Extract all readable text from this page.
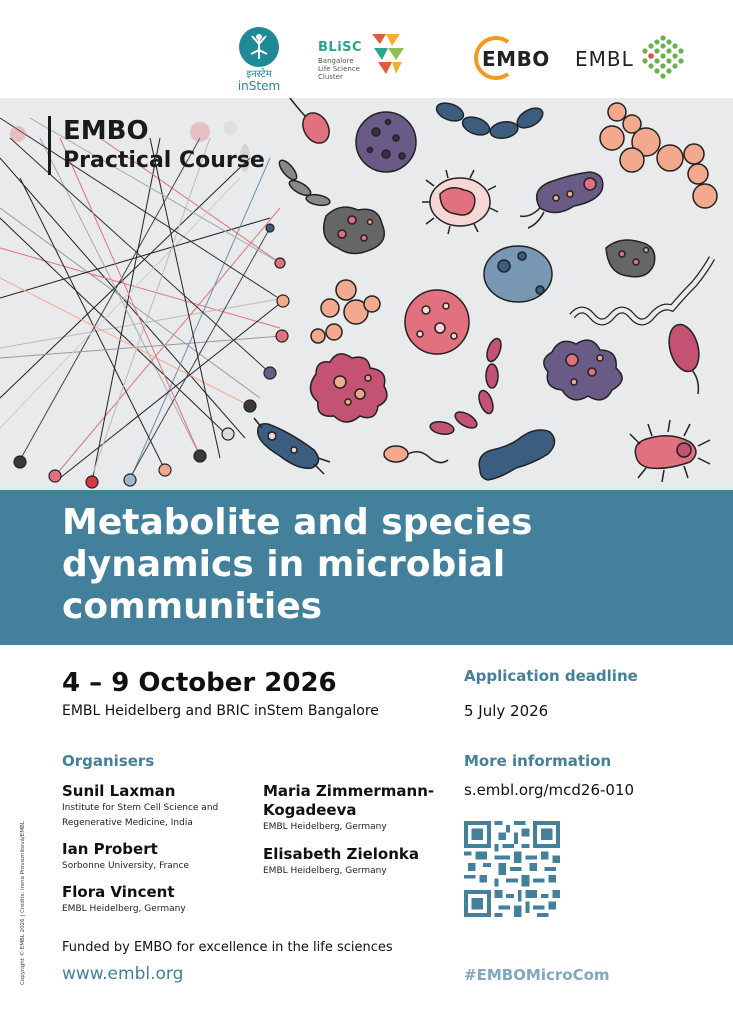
इनस्टेम
inStem
BLiSC
Bangalore
Life Science
Cluster
EMBO EMBL
EMBO
Practical Course
Metabolite and species
dynamics in microbial
communities
4 – 9 October 2026
EMBL Heidelberg and BRIC inStem Bangalore
Application deadline
5 July 2026
Organisers
Sunil Laxman
Institute for Stem Cell Science and
Regenerative Medicine, India
Ian Probert
Sorbonne University, France
Flora Vincent
EMBL Heidelberg, Germany
Maria Zimmermann-
Kogadeeva
EMBL Heidelberg, Germany
Elisabeth Zielonka
EMBL Heidelberg, Germany
More information
s.embl.org/mcd26-010
Funded by EMBO for excellence in the life sciences
www.embl.org	#EMBOMicroCom
Copyright © EMBL 2026 | Credits: Irena Provazníková/EMBL
